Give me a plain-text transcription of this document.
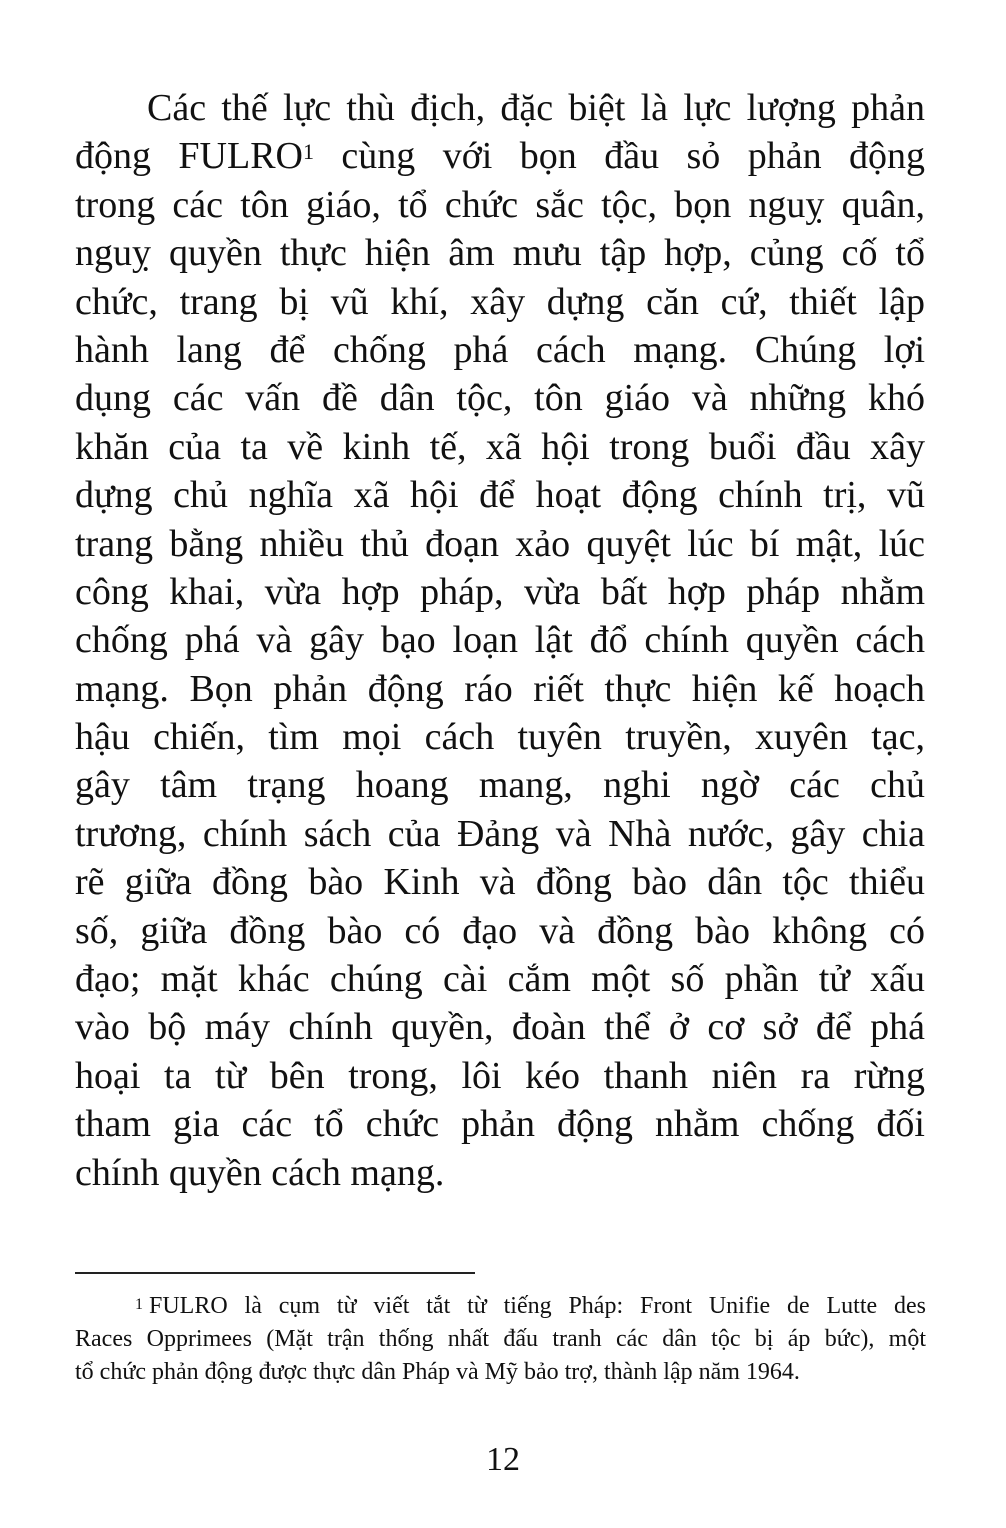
Các thế lực thù địch, đặc biệt là lực lượng phản
động FULRO$^1$ cùng với bọn đầu sỏ phản động
trong các tôn giáo, tổ chức sắc tộc, bọn nguỵ quân,
nguỵ quyền thực hiện âm mưu tập hợp, củng cố tổ
chức, trang bị vũ khí, xây dựng căn cứ, thiết lập
hành lang để chống phá cách mạng. Chúng lợi
dụng các vấn đề dân tộc, tôn giáo và những khó
khăn của ta về kinh tế, xã hội trong buổi đầu xây
dựng chủ nghĩa xã hội để hoạt động chính trị, vũ
trang bằng nhiều thủ đoạn xảo quyệt lúc bí mật, lúc
công khai, vừa hợp pháp, vừa bất hợp pháp nhằm
chống phá và gây bạo loạn lật đổ chính quyền cách
mạng. Bọn phản động ráo riết thực hiện kế hoạch
hậu chiến, tìm mọi cách tuyên truyền, xuyên tạc,
gây tâm trạng hoang mang, nghi ngờ các chủ
trương, chính sách của Đảng và Nhà nước, gây chia
rẽ giữa đồng bào Kinh và đồng bào dân tộc thiểu
số, giữa đồng bào có đạo và đồng bào không có
đạo; mặt khác chúng cài cắm một số phần tử xấu
vào bộ máy chính quyền, đoàn thể ở cơ sở để phá
hoại ta từ bên trong, lôi kéo thanh niên ra rừng
tham gia các tổ chức phản động nhằm chống đối
chính quyền cách mạng.
$^1$ FULRO là cụm từ viết tắt từ tiếng Pháp: Front Unifie de Lutte des
Races Opprimees (Mặt trận thống nhất đấu tranh các dân tộc bị áp bức), một
tổ chức phản động được thực dân Pháp và Mỹ bảo trợ, thành lập năm 1964.
12
